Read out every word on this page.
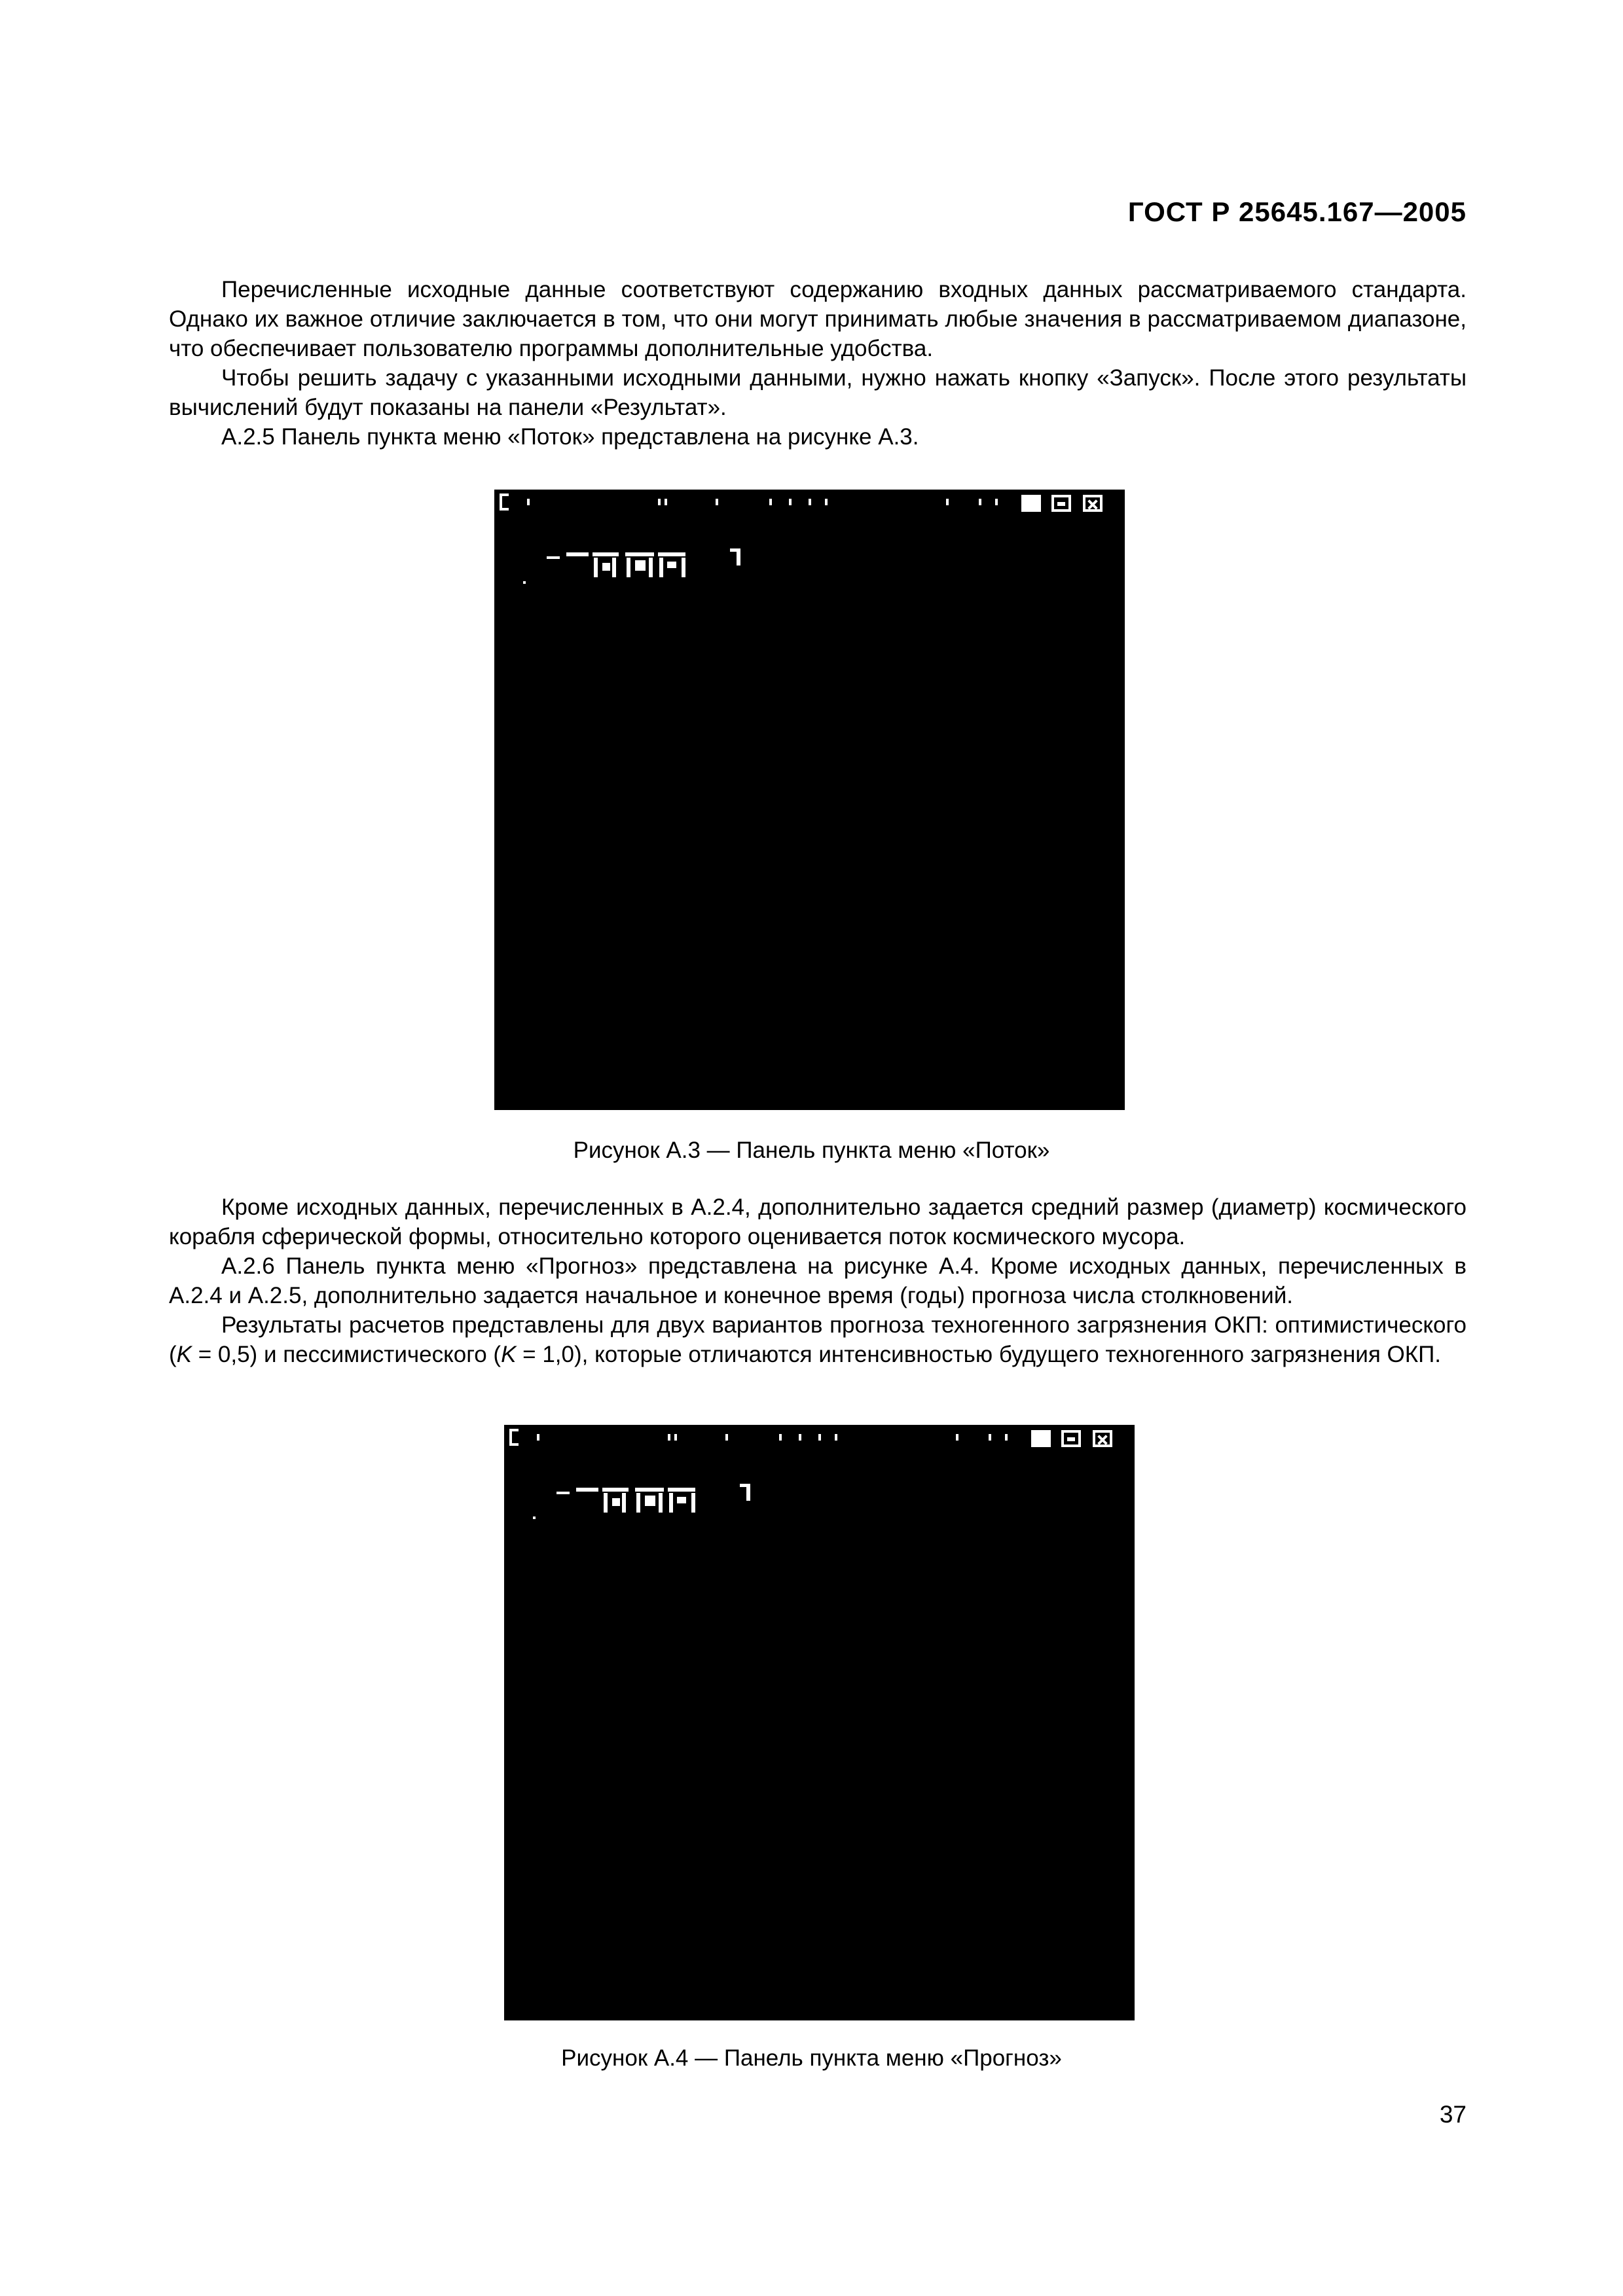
ГОСТ Р 25645.167—2005

Перечисленные исходные данные соответствуют содержанию входных данных рассматриваемого стандарта. Однако их важное отличие заключается в том, что они могут принимать любые значения в рассматриваемом диапазоне, что обеспечивает пользователю программы дополнительные удобства.

Чтобы решить задачу с указанными исходными данными, нужно нажать кнопку «Запуск». После этого результаты вычислений будут показаны на панели «Результат».

А.2.5 Панель пункта меню «Поток» представлена на рисунке А.3.

Рисунок А.3 — Панель пункта меню «Поток»

Кроме исходных данных, перечисленных в А.2.4, дополнительно задается средний размер (диаметр) космического корабля сферической формы, относительно которого оценивается поток космического мусора.

А.2.6 Панель пункта меню «Прогноз» представлена на рисунке А.4. Кроме исходных данных, перечисленных в А.2.4 и А.2.5, дополнительно задается начальное и конечное время (годы) прогноза числа столкновений.

Результаты расчетов представлены для двух вариантов прогноза техногенного загрязнения ОКП: оптимистического (K = 0,5) и пессимистического (K = 1,0), которые отличаются интенсивностью будущего техногенного загрязнения ОКП.

Рисунок А.4 — Панель пункта меню «Прогноз»
37
